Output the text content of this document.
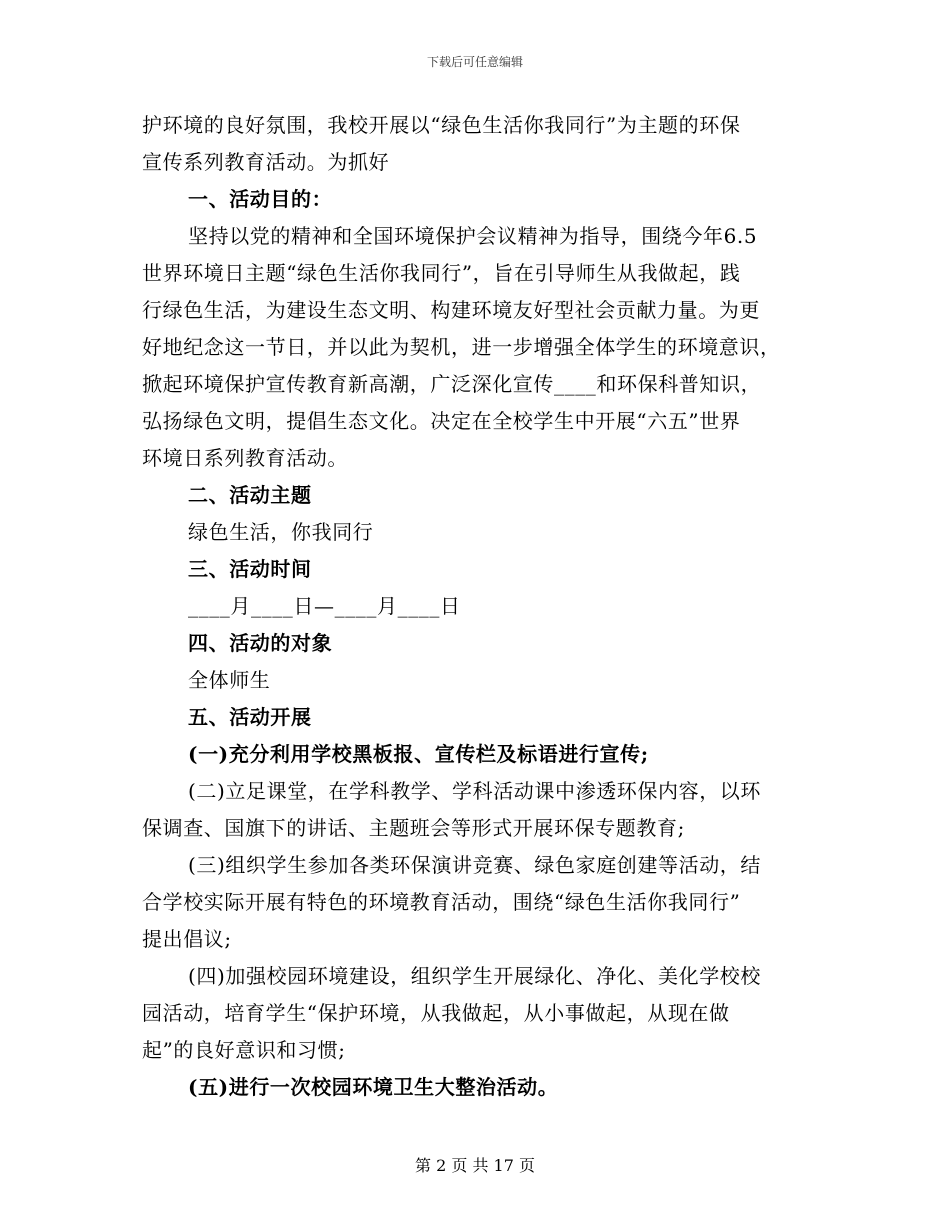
下载后可任意编辑
护环境的良好氛围，我校开展以“绿色生活你我同行”为主题的环保
宣传系列教育活动。为抓好
一、活动目的：
坚持以党的精神和全国环境保护会议精神为指导，围绕今年6.5
世界环境日主题“绿色生活你我同行”，旨在引导师生从我做起，践
行绿色生活，为建设生态文明、构建环境友好型社会贡献力量。为更
好地纪念这一节日，并以此为契机，进一步增强全体学生的环境意识，
掀起环境保护宣传教育新高潮，广泛深化宣传____和环保科普知识，
弘扬绿色文明，提倡生态文化。决定在全校学生中开展“六五”世界
环境日系列教育活动。
二、活动主题
绿色生活，你我同行
三、活动时间
____月____日—____月____日
四、活动的对象
全体师生
五、活动开展
(一)充分利用学校黑板报、宣传栏及标语进行宣传;
(二)立足课堂，在学科教学、学科活动课中渗透环保内容，以环
保调查、国旗下的讲话、主题班会等形式开展环保专题教育;
(三)组织学生参加各类环保演讲竞赛、绿色家庭创建等活动，结
合学校实际开展有特色的环境教育活动，围绕“绿色生活你我同行”
提出倡议;
(四)加强校园环境建设，组织学生开展绿化、净化、美化学校校
园活动，培育学生“保护环境，从我做起，从小事做起，从现在做
起”的良好意识和习惯;
(五)进行一次校园环境卫生大整治活动。
第 2 页 共 17 页
